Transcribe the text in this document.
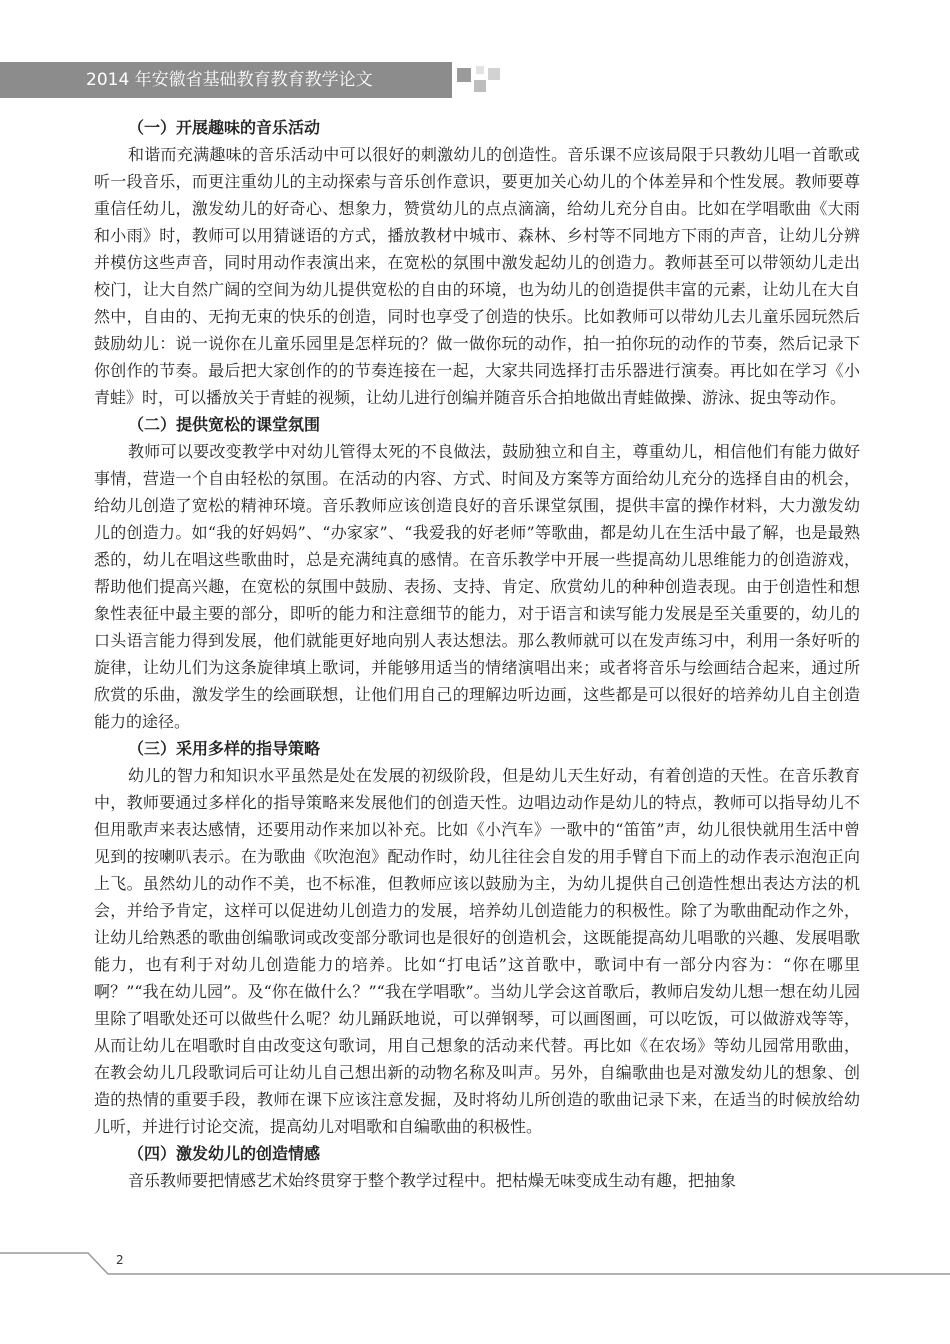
2014 年安徽省基础教育教育教学论文
（一）开展趣味的音乐活动

和谐而充满趣味的音乐活动中可以很好的刺激幼儿的创造性。音乐课不应该局限于只教幼儿唱一首歌或听一段音乐，而更注重幼儿的主动探索与音乐创作意识，要更加关心幼儿的个体差异和个性发展。教师要尊重信任幼儿，激发幼儿的好奇心、想象力，赞赏幼儿的点点滴滴，给幼儿充分自由。比如在学唱歌曲《大雨和小雨》时，教师可以用猜谜语的方式，播放教材中城市、森林、乡村等不同地方下雨的声音，让幼儿分辨并模仿这些声音，同时用动作表演出来，在宽松的氛围中激发起幼儿的创造力。教师甚至可以带领幼儿走出校门，让大自然广阔的空间为幼儿提供宽松的自由的环境，也为幼儿的创造提供丰富的元素，让幼儿在大自然中，自由的、无拘无束的快乐的创造，同时也享受了创造的快乐。比如教师可以带幼儿去儿童乐园玩然后鼓励幼儿：说一说你在儿童乐园里是怎样玩的？做一做你玩的动作，拍一拍你玩的动作的节奏，然后记录下你创作的节奏。最后把大家创作的的节奏连接在一起，大家共同选择打击乐器进行演奏。再比如在学习《小青蛙》时，可以播放关于青蛙的视频，让幼儿进行创编并随音乐合拍地做出青蛙做操、游泳、捉虫等动作。

（二）提供宽松的课堂氛围

教师可以要改变教学中对幼儿管得太死的不良做法，鼓励独立和自主，尊重幼儿，相信他们有能力做好事情，营造一个自由轻松的氛围。在活动的内容、方式、时间及方案等方面给幼儿充分的选择自由的机会，给幼儿创造了宽松的精神环境。音乐教师应该创造良好的音乐课堂氛围，提供丰富的操作材料，大力激发幼儿的创造力。如“我的好妈妈”、“办家家”、“我爱我的好老师”等歌曲，都是幼儿在生活中最了解，也是最熟悉的，幼儿在唱这些歌曲时，总是充满纯真的感情。在音乐教学中开展一些提高幼儿思维能力的创造游戏，帮助他们提高兴趣，在宽松的氛围中鼓励、表扬、支持、肯定、欣赏幼儿的种种创造表现。由于创造性和想象性表征中最主要的部分，即听的能力和注意细节的能力，对于语言和读写能力发展是至关重要的，幼儿的口头语言能力得到发展，他们就能更好地向别人表达想法。那么教师就可以在发声练习中，利用一条好听的旋律，让幼儿们为这条旋律填上歌词，并能够用适当的情绪演唱出来；或者将音乐与绘画结合起来，通过所欣赏的乐曲，激发学生的绘画联想，让他们用自己的理解边听边画，这些都是可以很好的培养幼儿自主创造能力的途径。

（三）采用多样的指导策略

幼儿的智力和知识水平虽然是处在发展的初级阶段，但是幼儿天生好动，有着创造的天性。在音乐教育中，教师要通过多样化的指导策略来发展他们的创造天性。边唱边动作是幼儿的特点，教师可以指导幼儿不但用歌声来表达感情，还要用动作来加以补充。比如《小汽车》一歌中的“笛笛”声，幼儿很快就用生活中曾见到的按喇叭表示。在为歌曲《吹泡泡》配动作时，幼儿往往会自发的用手臂自下而上的动作表示泡泡正向上飞。虽然幼儿的动作不美，也不标准，但教师应该以鼓励为主，为幼儿提供自己创造性想出表达方法的机会，并给予肯定，这样可以促进幼儿创造力的发展，培养幼儿创造能力的积极性。除了为歌曲配动作之外，让幼儿给熟悉的歌曲创编歌词或改变部分歌词也是很好的创造机会，这既能提高幼儿唱歌的兴趣、发展唱歌能力，也有利于对幼儿创造能力的培养。比如“打电话”这首歌中，歌词中有一部分内容为：“你在哪里啊？”“我在幼儿园”。及“你在做什么？”“我在学唱歌”。当幼儿学会这首歌后，教师启发幼儿想一想在幼儿园里除了唱歌处还可以做些什么呢？幼儿踊跃地说，可以弹钢琴，可以画图画，可以吃饭，可以做游戏等等，从而让幼儿在唱歌时自由改变这句歌词，用自己想象的活动来代替。再比如《在农场》等幼儿园常用歌曲，在教会幼儿几段歌词后可让幼儿自己想出新的动物名称及叫声。另外，自编歌曲也是对激发幼儿的想象、创造的热情的重要手段，教师在课下应该注意发掘，及时将幼儿所创造的歌曲记录下来，在适当的时候放给幼儿听，并进行讨论交流，提高幼儿对唱歌和自编歌曲的积极性。

（四）激发幼儿的创造情感

音乐教师要把情感艺术始终贯穿于整个教学过程中。把枯燥无味变成生动有趣，把抽象

2
